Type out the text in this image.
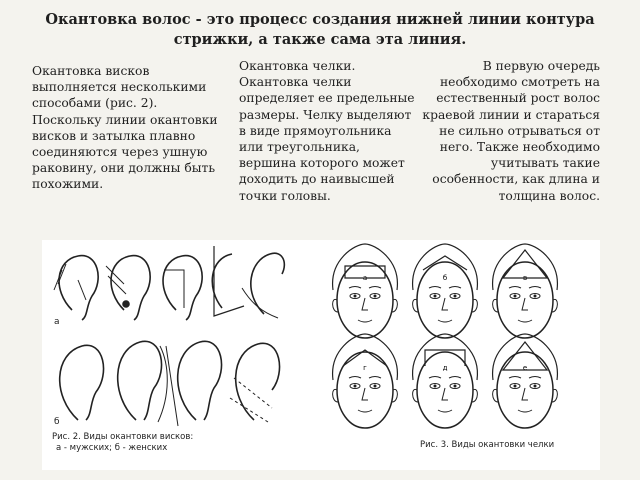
Окантовка волос - это процесс создания нижней линии контура стрижки, а также сама эта линия.
Окантовка висков выполняется несколькими способами (рис. 2). Поскольку линии окантовки висков и затылка плавно соединяются через ушную раковину, они должны быть похожими.
Окантовка челки. Окантовка челки определяет ее предельные размеры. Челку выделяют в виде прямоугольника или треугольника, вершина которого может доходить до наивысшей точки головы.
В первую очередь необходимо смотреть на естественный рост волос краевой линии и стараться не сильно отрываться от него. Также необходимо учитывать такие особенности, как длина и толщина волос.
а
б
Рис. 2. Виды окантовки висков:
а - мужских; б - женских
а	б	в
г	д	е
Рис. 3. Виды окантовки челки
